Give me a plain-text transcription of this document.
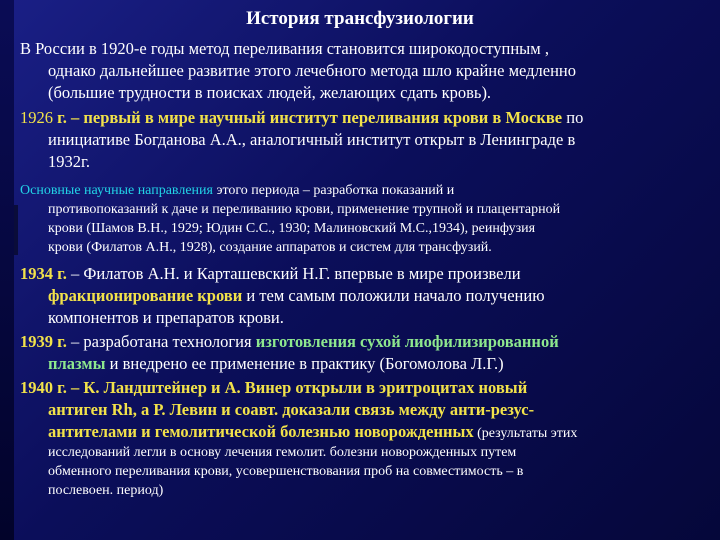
История трансфузиологии

В России в 1920-е годы метод переливания становится широкодоступным ,
однако дальнейшее развитие этого лечебного метода шло крайне медленно
(большие трудности в поисках людей, желающих сдать кровь).

1926 г. – первый в мире научный институт переливания крови в Москве по
инициативе Богданова А.А., аналогичный институт открыт в Ленинграде в
1932г.

Основные научные направления этого периода – разработка показаний и
противопоказаний к даче и переливанию крови, применение трупной и плацентарной
крови (Шамов В.Н., 1929; Юдин С.С., 1930; Малиновский М.С.,1934), реинфузия
крови (Филатов А.Н., 1928), создание аппаратов и систем для трансфузий.

1934 г. – Филатов А.Н. и Карташевский Н.Г. впервые в мире произвели
фракционирование крови и тем самым положили начало получению
компонентов и препаратов крови.

1939 г. – разработана технология изготовления сухой лиофилизированной
плазмы и внедрено ее применение в практику (Богомолова Л.Г.)

1940 г. – К. Ландштейнер и А. Винер открыли в эритроцитах новый
антиген Rh, а Р. Левин и соавт. доказали связь между анти-резус-
антителами и гемолитической болезнью новорожденных (результаты этих
исследований легли в основу лечения гемолит. болезни новорожденных путем
обменного переливания крови, усовершенствования проб на совместимость – в
послевоен. период)
